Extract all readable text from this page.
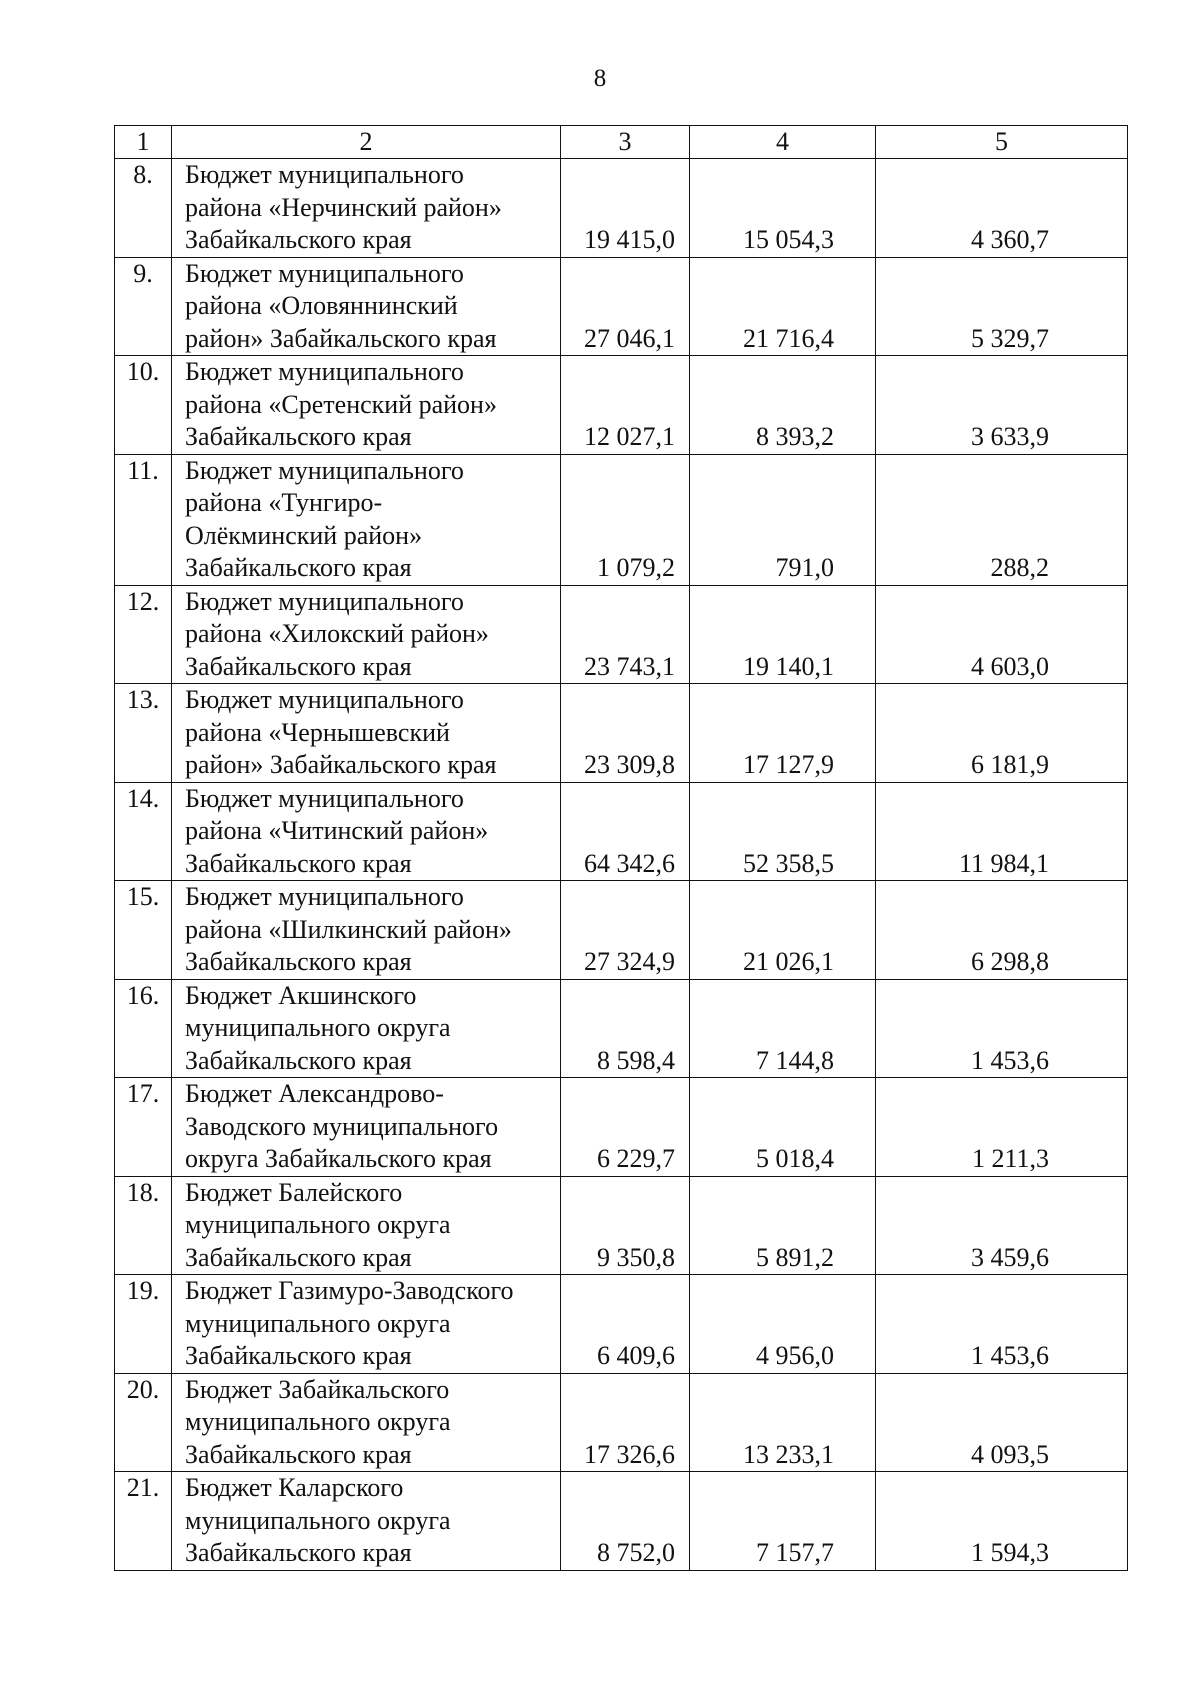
8
1	2	3	4	5
8.	Бюджет муниципального
района «Нерчинский район»
Забайкальского края	19 415,0	15 054,3	4 360,7
9.	Бюджет муниципального
района «Оловяннинский
район» Забайкальского края	27 046,1	21 716,4	5 329,7
10.	Бюджет муниципального
района «Сретенский район»
Забайкальского края	12 027,1	8 393,2	3 633,9
11.	Бюджет муниципального
района «Тунгиро-
Олёкминский район»
Забайкальского края	1 079,2	791,0	288,2
12.	Бюджет муниципального
района «Хилокский район»
Забайкальского края	23 743,1	19 140,1	4 603,0
13.	Бюджет муниципального
района «Чернышевский
район» Забайкальского края	23 309,8	17 127,9	6 181,9
14.	Бюджет муниципального
района «Читинский район»
Забайкальского края	64 342,6	52 358,5	11 984,1
15.	Бюджет муниципального
района «Шилкинский район»
Забайкальского края	27 324,9	21 026,1	6 298,8
16.	Бюджет Акшинского
муниципального округа
Забайкальского края	8 598,4	7 144,8	1 453,6
17.	Бюджет Александрово-
Заводского муниципального
округа Забайкальского края	6 229,7	5 018,4	1 211,3
18.	Бюджет Балейского
муниципального округа
Забайкальского края	9 350,8	5 891,2	3 459,6
19.	Бюджет Газимуро-Заводского
муниципального округа
Забайкальского края	6 409,6	4 956,0	1 453,6
20.	Бюджет Забайкальского
муниципального округа
Забайкальского края	17 326,6	13 233,1	4 093,5
21.	Бюджет Каларского
муниципального округа
Забайкальского края	8 752,0	7 157,7	1 594,3
